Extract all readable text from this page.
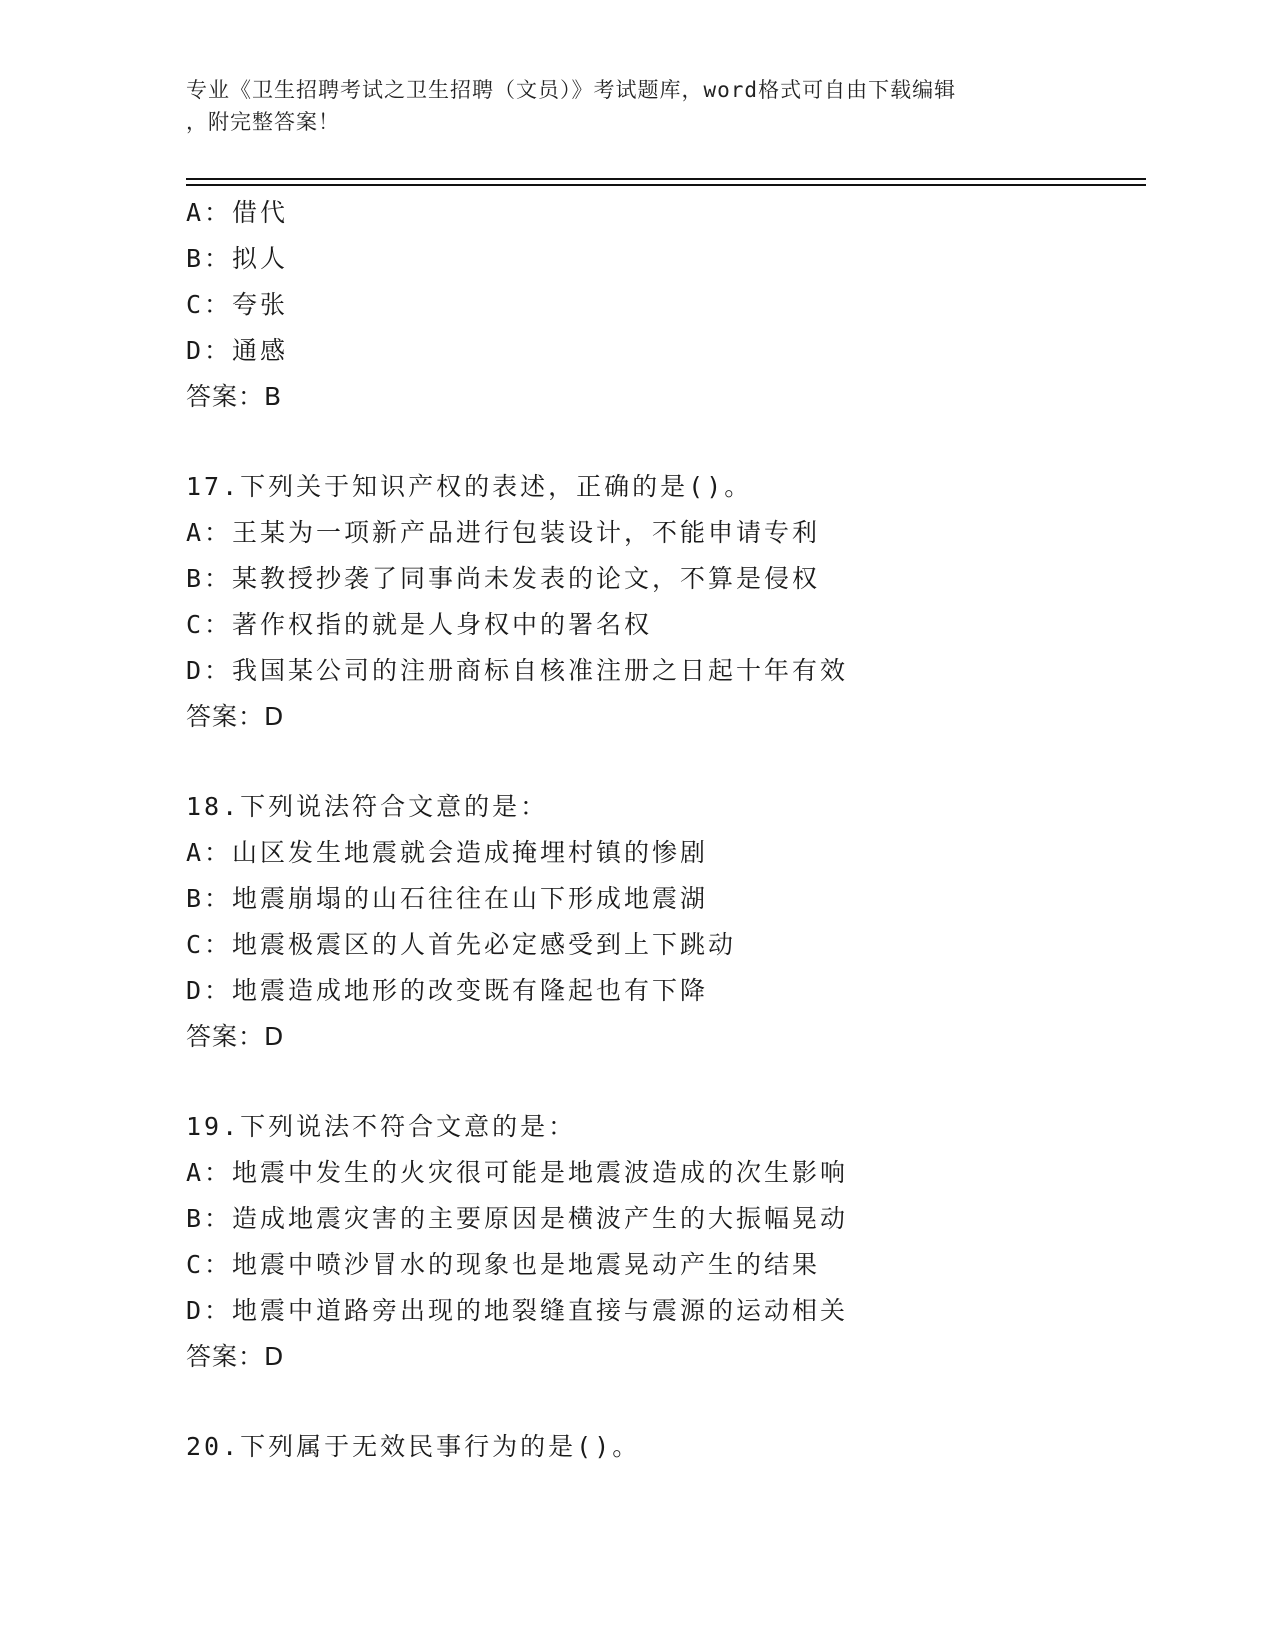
专业《卫生招聘考试之卫生招聘（文员）》考试题库，word格式可自由下载编辑
，附完整答案！
A：借代
B：拟人
C：夸张
D：通感
答案：B
17.下列关于知识产权的表述，正确的是()。
A：王某为一项新产品进行包装设计，不能申请专利
B：某教授抄袭了同事尚未发表的论文，不算是侵权
C：著作权指的就是人身权中的署名权
D：我国某公司的注册商标自核准注册之日起十年有效
答案：D
18.下列说法符合文意的是：
A：山区发生地震就会造成掩埋村镇的惨剧
B：地震崩塌的山石往往在山下形成地震湖
C：地震极震区的人首先必定感受到上下跳动
D：地震造成地形的改变既有隆起也有下降
答案：D
19.下列说法不符合文意的是：
A：地震中发生的火灾很可能是地震波造成的次生影响
B：造成地震灾害的主要原因是横波产生的大振幅晃动
C：地震中喷沙冒水的现象也是地震晃动产生的结果
D：地震中道路旁出现的地裂缝直接与震源的运动相关
答案：D
20.下列属于无效民事行为的是()。
